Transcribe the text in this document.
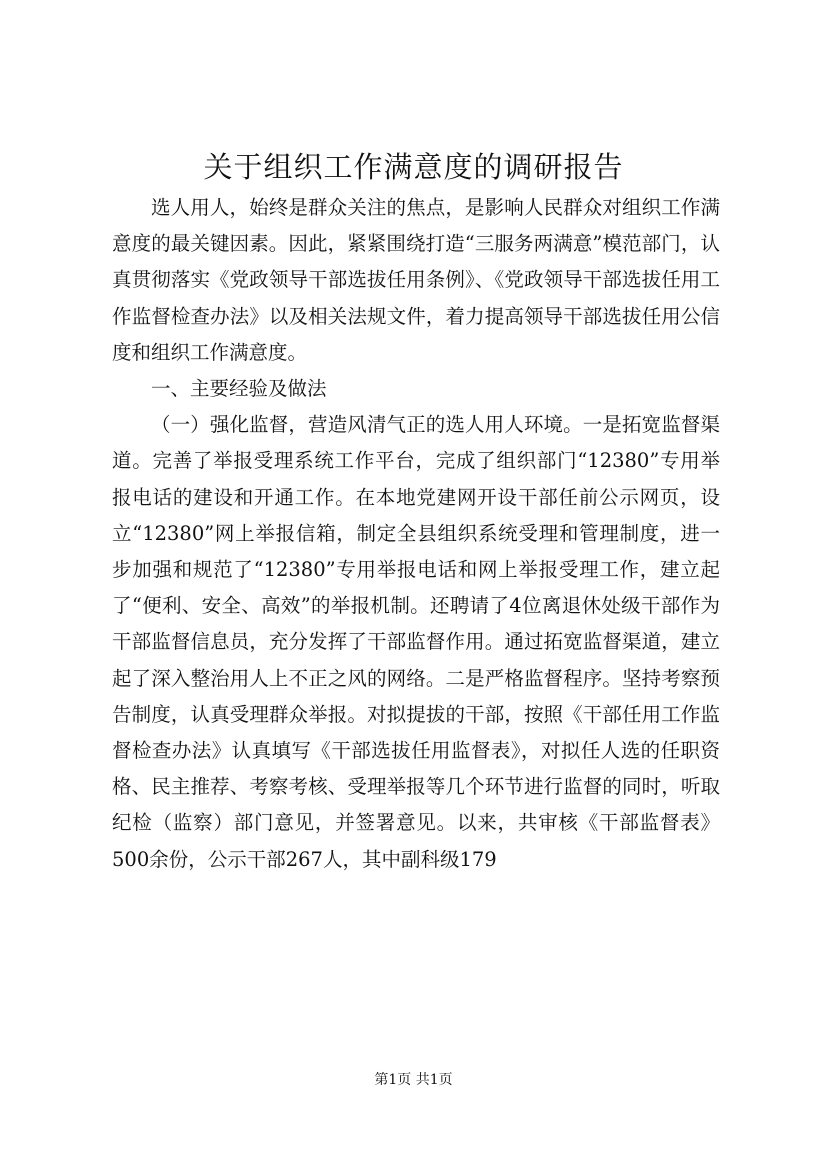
关于组织工作满意度的调研报告

选人用人，始终是群众关注的焦点，是影响人民群众对组织工作满意度的最关键因素。因此，紧紧围绕打造“三服务两满意”模范部门，认真贯彻落实《党政领导干部选拔任用条例》、《党政领导干部选拔任用工作监督检查办法》以及相关法规文件，着力提高领导干部选拔任用公信度和组织工作满意度。

一、主要经验及做法

（一）强化监督，营造风清气正的选人用人环境。一是拓宽监督渠道。完善了举报受理系统工作平台，完成了组织部门“12380”专用举报电话的建设和开通工作。在本地党建网开设干部任前公示网页，设立“12380”网上举报信箱，制定全县组织系统受理和管理制度，进一步加强和规范了“12380”专用举报电话和网上举报受理工作，建立起了“便利、安全、高效”的举报机制。还聘请了4位离退休处级干部作为干部监督信息员，充分发挥了干部监督作用。通过拓宽监督渠道，建立起了深入整治用人上不正之风的网络。二是严格监督程序。坚持考察预告制度，认真受理群众举报。对拟提拔的干部，按照《干部任用工作监督检查办法》认真填写《干部选拔任用监督表》，对拟任人选的任职资格、民主推荐、考察考核、受理举报等几个环节进行监督的同时，听取纪检（监察）部门意见，并签署意见。以来，共审核《干部监督表》500余份，公示干部267人，其中副科级179

第1页 共1页
